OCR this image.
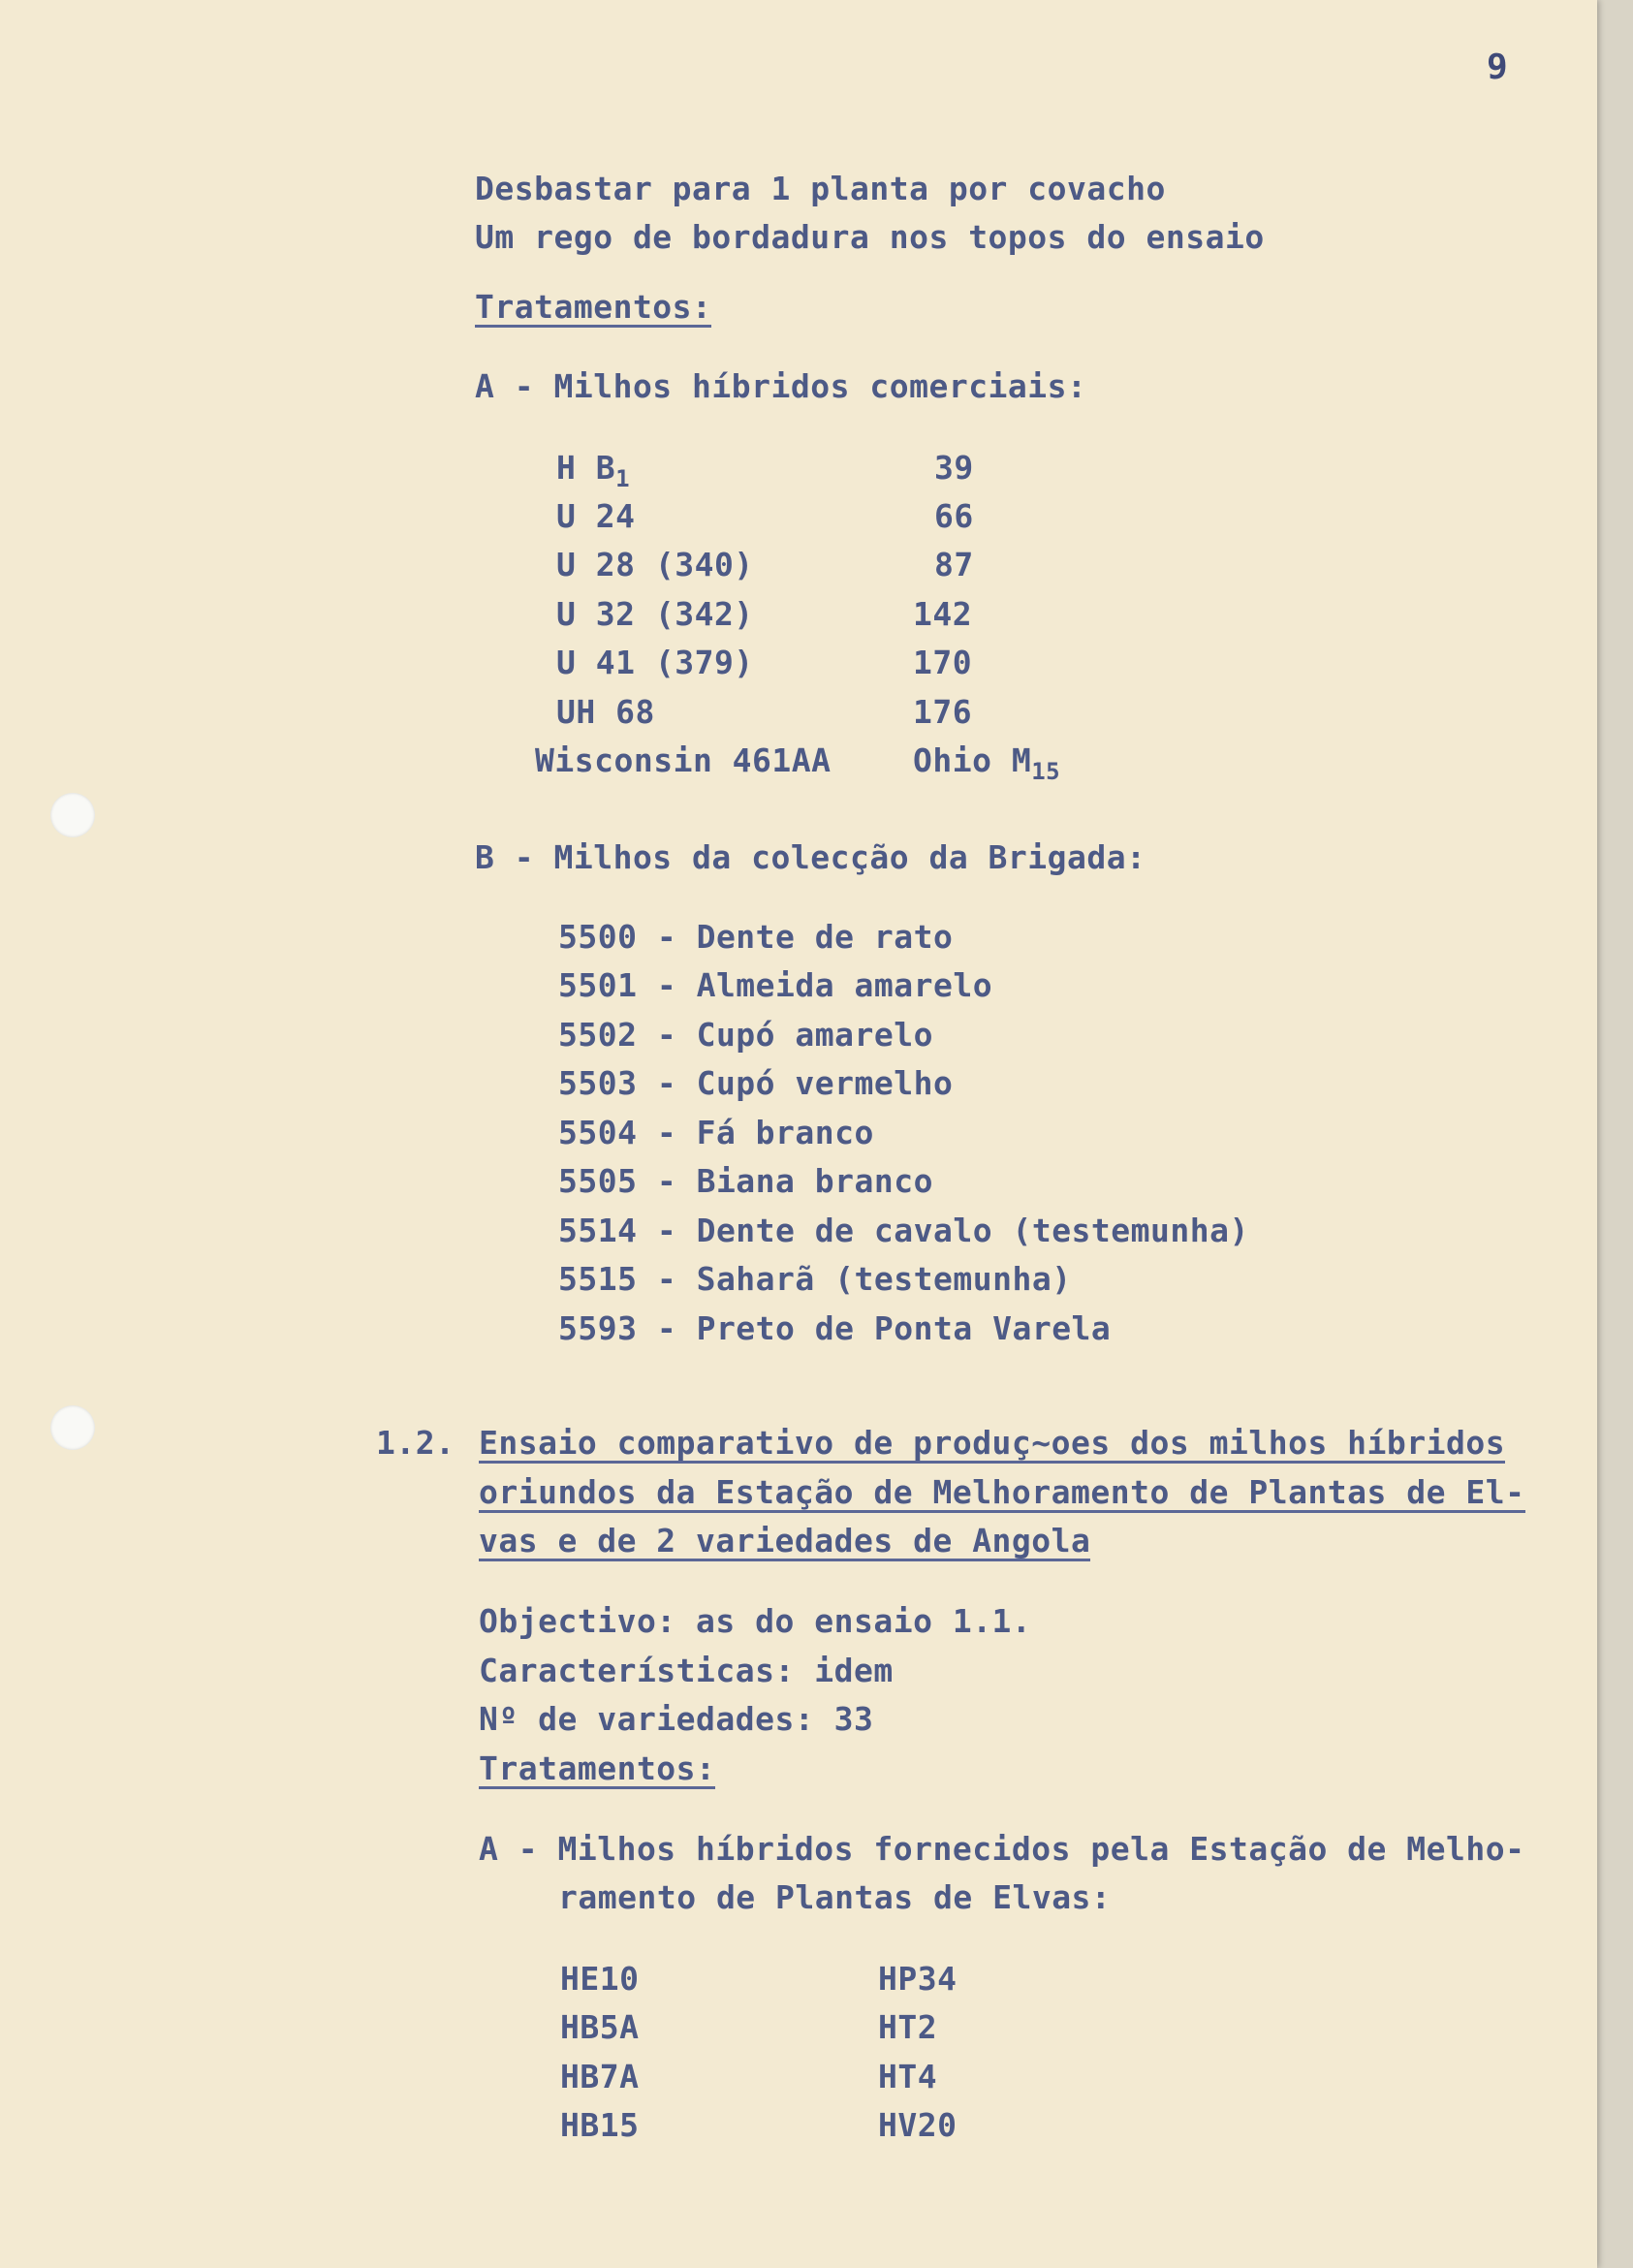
9
Desbastar para 1 planta por covacho
Um rego de bordadura nos topos do ensaio
Tratamentos:
A - Milhos híbridos comerciais:
H $B_1$
U 24
U 28 (340)
U 32 (342)
U 41 (379)
UH 68
Wisconsin 461AA
39
66
87
142
170
176
Ohio $M_{15}$
B - Milhos da colecção da Brigada:
5500 - Dente de rato
5501 - Almeida amarelo
5502 - Cupó amarelo
5503 - Cupó vermelho
5504 - Fá branco
5505 - Biana branco
5514 - Dente de cavalo (testemunha)
5515 - Saharã (testemunha)
5593 - Preto de Ponta Varela
1.2. Ensaio comparativo de produç~oes dos milhos híbridos
oriundos da Estação de Melhoramento de Plantas de El-
vas e de 2 variedades de Angola
Objectivo: as do ensaio 1.1.
Características: idem
Nº de variedades: 33
Tratamentos:
A - Milhos híbridos fornecidos pela Estação de Melho-
ramento de Plantas de Elvas:
HE10
HB5A
HB7A
HB15
HP34
HT2
HT4
HV20
